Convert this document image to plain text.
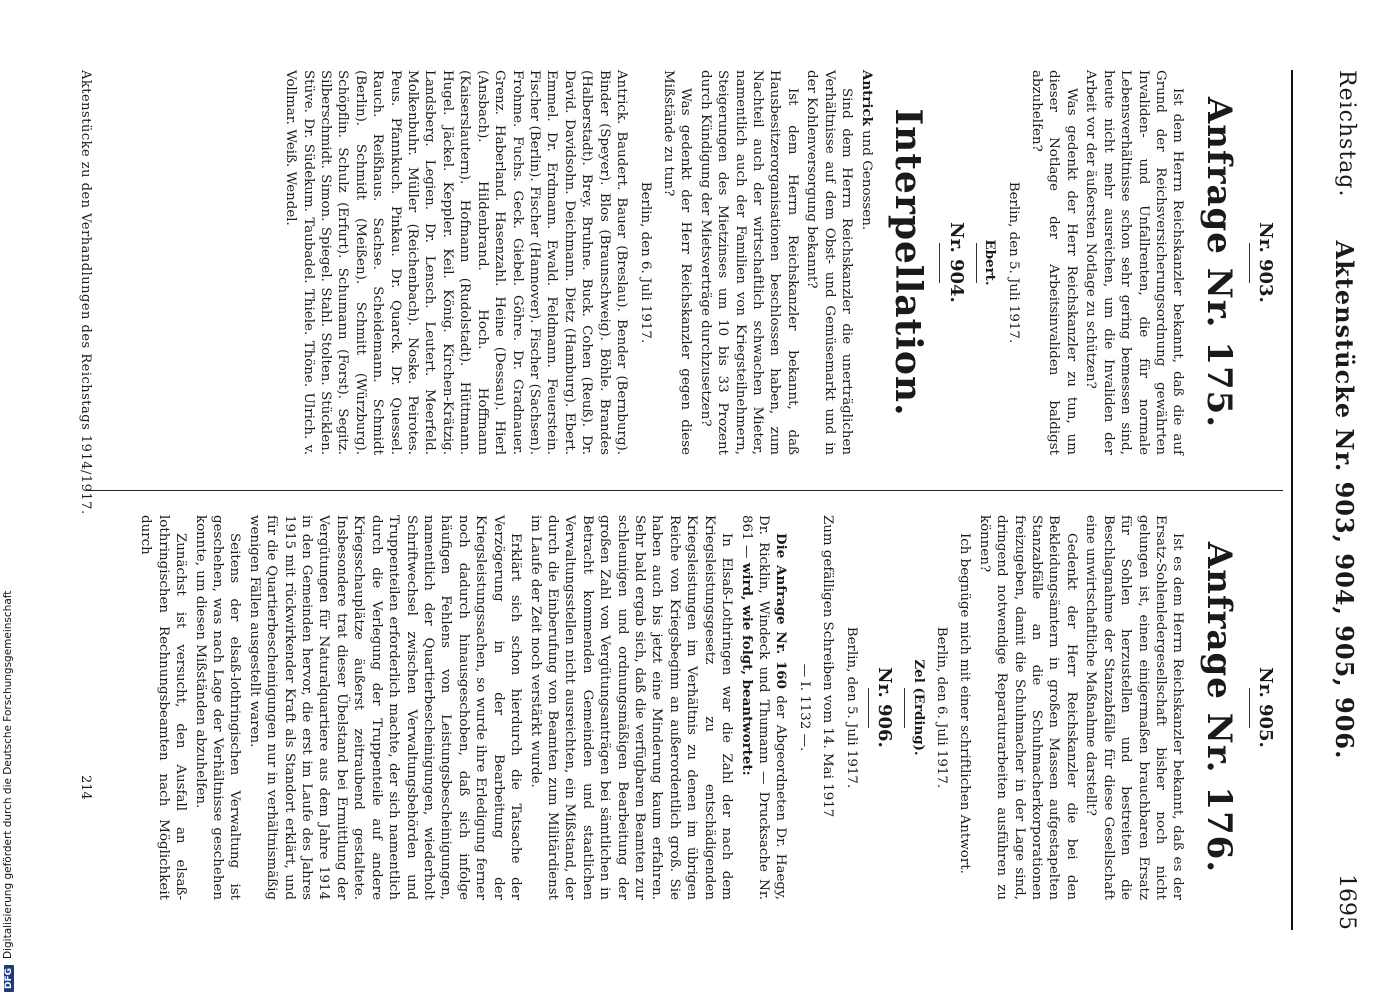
Reichstag.
Aktenstücke Nr. 903, 904, 905, 906.
1695
Nr. 903.
Anfrage Nr. 175.

Ist dem Herrn Reichskanzler bekannt, daß die auf Grund der Reichsversicherungsordnung gewährten Invaliden- und Unfallrenten, die für normale Lebensverhältnisse schon sehr gering bemessen sind, heute nicht mehr ausreichen, um die Invaliden der Arbeit vor der äußersten Notlage zu schützen?

Was gedenkt der Herr Reichskanzler zu tun, um dieser Notlage der Arbeitsinvaliden baldigst abzuhelfen?

Berlin, den 5. Juli 1917.
Ebert.
Nr. 904.
Interpellation.

Antrick und Genossen.

Sind dem Herrn Reichskanzler die unerträglichen Verhältnisse auf dem Obst- und Gemüsemarkt und in der Kohlenversorgung bekannt?

Ist dem Herrn Reichskanzler bekannt, daß Hausbesitzerorganisationen beschlossen haben, zum Nachteil auch der wirtschaftlich schwachen Mieter, namentlich auch der Familien von Kriegsteilnehmern, Steigerungen des Mietzinses um 10 bis 33 Prozent durch Kündigung der Mietsverträge durchzusetzen?

Was gedenkt der Herr Reichskanzler gegen diese Mißstände zu tun?

Berlin, den 6. Juli 1917.

Antrick. Baudert. Bauer (Breslau). Bender (Bernburg). Binder (Speyer). Blos (Braunschweig). Böhle. Brandes (Halberstadt). Brey. Bruhne. Buck. Cohen (Reuß). Dr. David. Davidsohn. Deichmann. Dietz (Hamburg). Ebert. Emmel. Dr. Erdmann. Ewald. Feldmann. Feuerstein. Fischer (Berlin). Fischer (Hannover). Fischer (Sachsen). Frohme. Fuchs. Geck. Giebel. Göhre. Dr. Gradnauer. Grenz. Haberland. Hasenzahl. Heine (Dessau). Hierl (Ansbach). Hildenbrand. Hoch. Hoffmann (Kaiserslautern). Hofmann (Rudolstadt). Hüttmann. Hugel. Jäckel. Keppler. Keil. König. Kirchen-Krätzig. Landsberg. Legien. Dr. Lensch. Leutert. Meerfeld. Molkenbuhr. Müller (Reichenbach). Noske. Peirotes. Peus. Pfannkuch. Pinkau. Dr. Quarck. Dr. Quessel. Rauch. Reißhaus. Sachse. Scheidemann. Schmidt (Berlin). Schmidt (Meißen). Schmitt (Würzburg). Schöpflin. Schulz (Erfurt). Schumann (Forst). Segitz. Silberschmidt. Simon. Spiegel. Stahl. Stolten. Stücklen. Stüve. Dr. Südekum. Taubadel. Thiele. Thöne. Ulrich. v. Vollmar. Weiß. Wendel.

Nr. 905.
Anfrage Nr. 176.

Ist es dem Herrn Reichskanzler bekannt, daß es der Ersatz-Sohlenledergesellschaft bisher noch nicht gelungen ist, einen einigermaßen brauchbaren Ersatz für Sohlen herzustellen und bestreiten die Beschlagnahme der Stanzabfälle für diese Gesellschaft eine unwirtschaftliche Maßnahme darstellt?

Gedenkt der Herr Reichskanzler die bei den Bekleidungsämtern in großen Massen aufgestapelten Stanzabfälle an die Schuhmacherkorporationen freizugeben, damit die Schuhmacher in der Lage sind, dringend notwendige Reparaturarbeiten ausführen zu können?

Ich begnüge mich mit einer schriftlichen Antwort.

Berlin, den 6. Juli 1917.
Zel (Erding).
Nr. 906.
Berlin, den 5. Juli 1917.

Zum gefälligen Schreiben vom 14. Mai 1917

— I. 1132 —.

Die Anfrage Nr. 160 der Abgeordneten Dr. Haegy, Dr. Ricklin, Windeck und Thumann — Drucksache Nr. 861 — wird, wie folgt, beantwortet:

In Elsaß-Lothringen war die Zahl der nach dem Kriegsleistungsgesetz zu entschädigenden Kriegsleistungen im Verhältnis zu denen im übrigen Reiche von Kriegsbeginn an außerordentlich groß. Sie haben auch bis jetzt eine Minderung kaum erfahren. Sehr bald ergab sich, daß die verfügbaren Beamten zur schleunigen und ordnungsmäßigen Bearbeitung der großen Zahl von Vergütungsanträgen bei sämtlichen in Betracht kommenden Gemeinden und staatlichen Verwaltungsstellen nicht ausreichten, ein Mißstand, der durch die Einberufung von Beamten zum Militärdienst im Laufe der Zeit noch verstärkt wurde.

Erklärt sich schon hierdurch die Tatsache der Verzögerung in der Bearbeitung der Kriegsleistungssachen, so wurde ihre Erledigung ferner noch dadurch hinausgeschoben, daß sich infolge häufigen Fehlens von Leistungsbescheinigungen, namentlich der Quartierbescheinigungen, wiederholt Schriftwechsel zwischen Verwaltungsbehörden und Truppenteilen erforderlich machte, der sich namentlich durch die Verlegung der Truppenteile auf andere Kriegsschauplätze äußerst zeitraubend gestaltete. Insbesondere trat dieser Übelstand bei Ermittlung der Vergütungen für Naturalquartiere aus dem Jahre 1914 in den Gemeinden hervor, die erst im Laufe des Jahres 1915 mit rückwirkender Kraft als Standort erklärt, und für die Quartierbescheinigungen nur in verhältnismäßig wenigen Fällen ausgestellt waren.

Seitens der elsaß-lothringischen Verwaltung ist geschehen, was nach Lage der Verhältnisse geschehen konnte, um diesen Mißständen abzuhelfen.

Zunächst ist versucht, den Ausfall an elsaß-lothringischen Rechnungsbeamten nach Möglichkeit durch

Aktenstücke zu den Verhandlungen des Reichstags 1914/1917.
214
DFGDigitalisierung gefördert durch die Deutsche Forschungsgemeinschaft
